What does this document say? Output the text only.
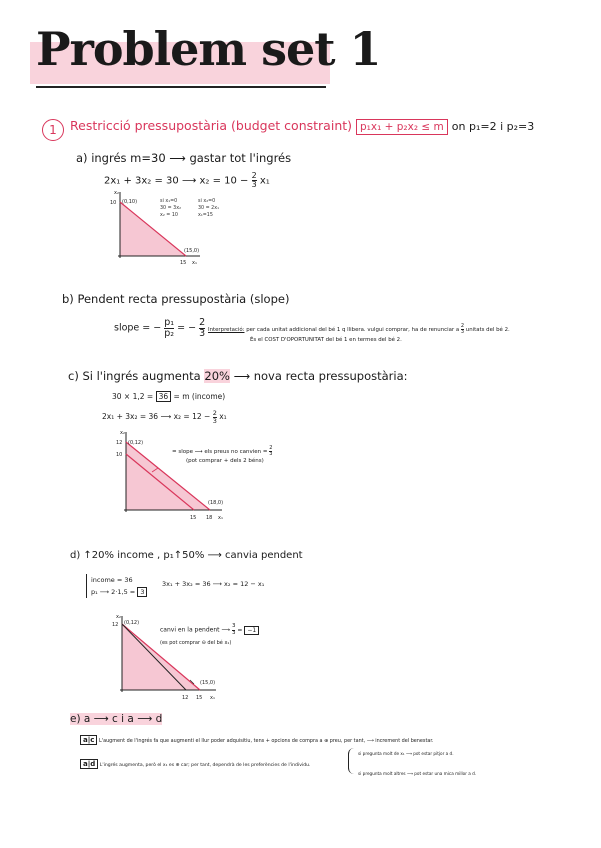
Problem set 1
1	Restricció pressupostària (budget constraint) p₁x₁ + p₂x₂ ≤ m on p₁=2 i p₂=3
a) ingrés m=30 ⟶ gastar tot l'ingrés
2x₁ + 3x₂ = 30 ⟶ $x_2 = 10 - \frac{2}{3} x_1$
si x₁=0
30 = 3x₂
x₂ = 10
si x₂=0
30 = 2x₁
x₁=15
x₂
10 (0,10)
(15,0)
15 x₁
b) Pendent recta pressupostària (slope)
slope = − $\frac{\text{p₁}}{\text{p₂}}$ = − $\frac{2}{3}$ Interpretació: per cada unitat addicional del bé 1 q llibera. vulgui comprar, ha de renunciar a $\frac{2}{3}$ unitats del bé 2.
És el COST D'OPORTUNITAT del bé 1 en termes del bé 2.
c) Si l'ingrés augmenta 20% ⟶ nova recta pressupostària:
30 × 1,2 = 36 = m (income)
2x₁ + 3x₂ = 36 ⟶ $x_2 = 12 - \frac{2}{3} x_1$
= slope ⟶ els preus no canvien = $\frac{2}{3}$
(pot comprar + dels 2 béns)
x₂
12
10
(0,12)
(18,0)
15 18 x₁
d) ↑20% income , p₁↑50% ⟶ canvia pendent
income = 36
p₁ ⟶ 2·1,5 = 3
3x₁ + 3x₂ = 36 ⟶ x₂ = 12 − x₁
canvi en la pendent ⟶ $\frac{3}{3} = -1$
(es pot comprar ⊖ del bé x₁)
x₂
12 (0,12)
(15,0)
12 15 x₁
e) a ⟶ c i a ⟶ d
a|c L'augment de l'ingrés fa que augmenti el llur poder adquisitiu, tens + opcions de compra a ⊕ preu, per tant, ⟶ increment del benestar.
a|d L'ingrés augmenta, però el x₁ es ⊕ car; per tant, dependrà de les preferències de l'individu.
si pregunta molt de x₁ ⟶ pot estar pitjor a d.
si pregunta molt altres ⟶ pot estar una mica millor a d.
